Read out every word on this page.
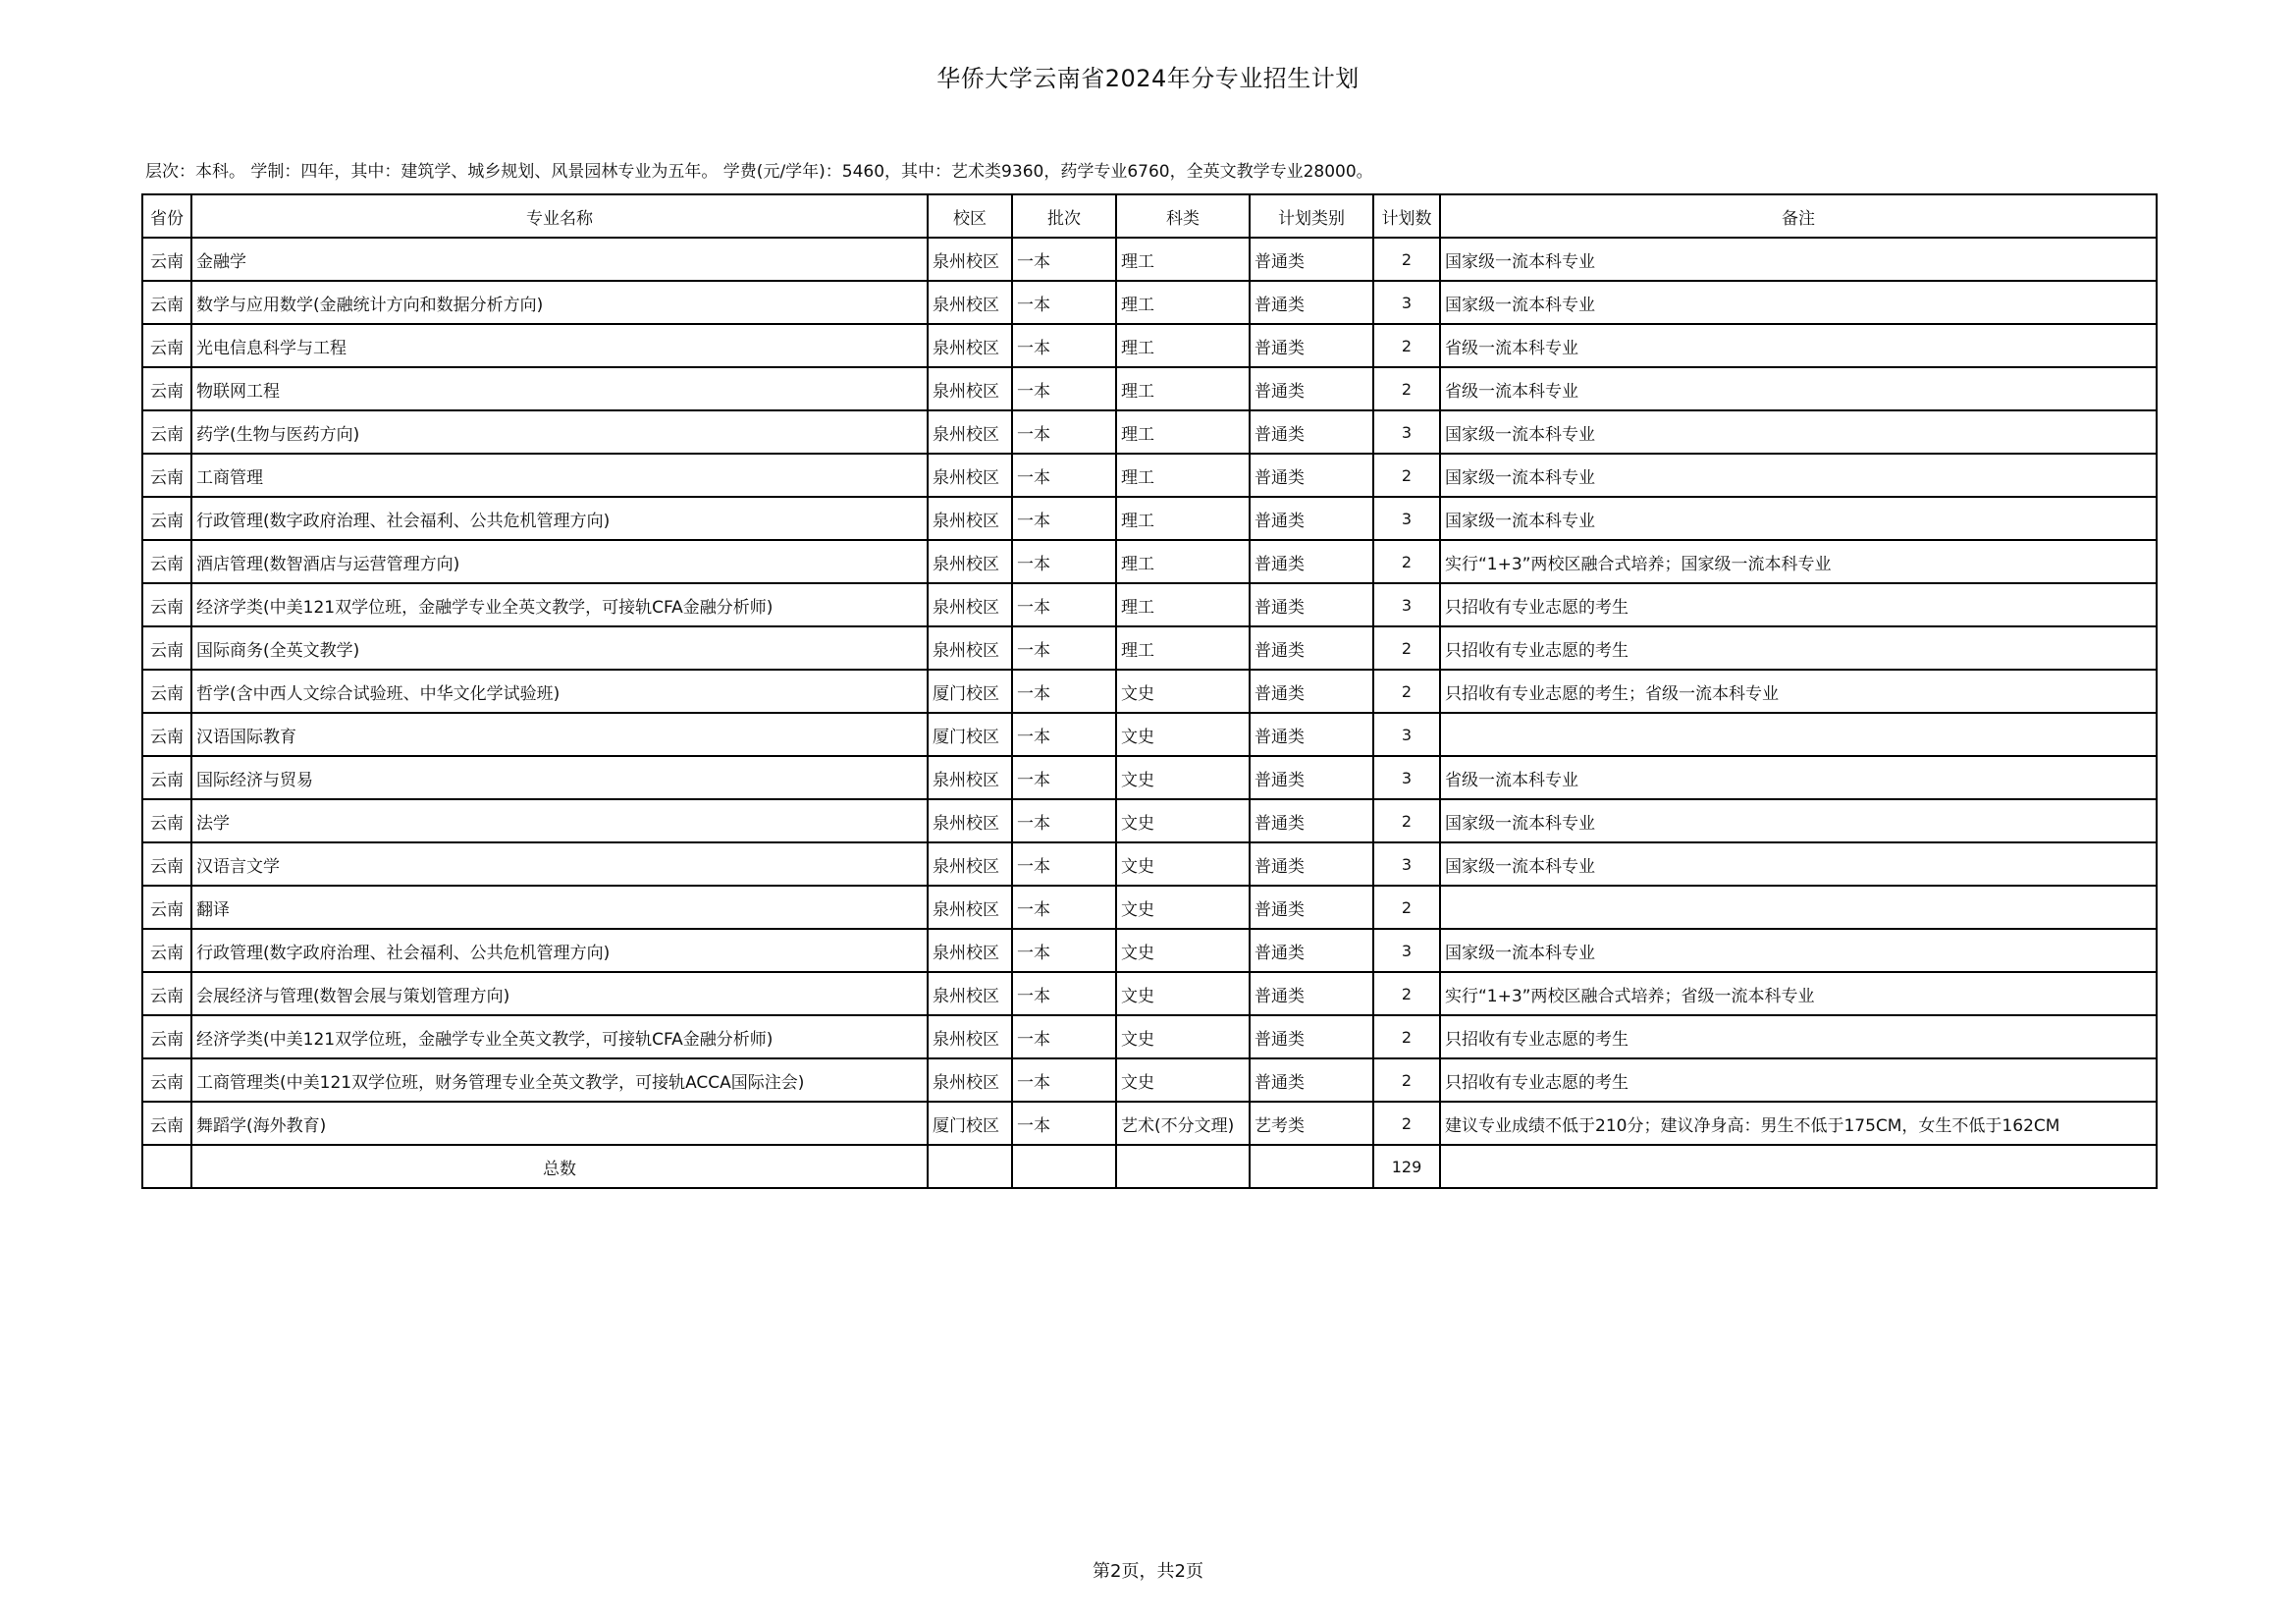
华侨大学云南省2024年分专业招生计划
层次：本科。 学制：四年，其中：建筑学、城乡规划、风景园林专业为五年。 学费(元/学年)：5460，其中：艺术类9360，药学专业6760，全英文教学专业28000。
省份	专业名称	校区	批次	科类	计划类别	计划数	备注
云南	金融学	泉州校区	一本	理工	普通类	2	国家级一流本科专业
云南	数学与应用数学(金融统计方向和数据分析方向)	泉州校区	一本	理工	普通类	3	国家级一流本科专业
云南	光电信息科学与工程	泉州校区	一本	理工	普通类	2	省级一流本科专业
云南	物联网工程	泉州校区	一本	理工	普通类	2	省级一流本科专业
云南	药学(生物与医药方向)	泉州校区	一本	理工	普通类	3	国家级一流本科专业
云南	工商管理	泉州校区	一本	理工	普通类	2	国家级一流本科专业
云南	行政管理(数字政府治理、社会福利、公共危机管理方向)	泉州校区	一本	理工	普通类	3	国家级一流本科专业
云南	酒店管理(数智酒店与运营管理方向)	泉州校区	一本	理工	普通类	2	实行“1+3”两校区融合式培养；国家级一流本科专业
云南	经济学类(中美121双学位班，金融学专业全英文教学，可接轨CFA金融分析师)	泉州校区	一本	理工	普通类	3	只招收有专业志愿的考生
云南	国际商务(全英文教学)	泉州校区	一本	理工	普通类	2	只招收有专业志愿的考生
云南	哲学(含中西人文综合试验班、中华文化学试验班)	厦门校区	一本	文史	普通类	2	只招收有专业志愿的考生；省级一流本科专业
云南	汉语国际教育	厦门校区	一本	文史	普通类	3	
云南	国际经济与贸易	泉州校区	一本	文史	普通类	3	省级一流本科专业
云南	法学	泉州校区	一本	文史	普通类	2	国家级一流本科专业
云南	汉语言文学	泉州校区	一本	文史	普通类	3	国家级一流本科专业
云南	翻译	泉州校区	一本	文史	普通类	2	
云南	行政管理(数字政府治理、社会福利、公共危机管理方向)	泉州校区	一本	文史	普通类	3	国家级一流本科专业
云南	会展经济与管理(数智会展与策划管理方向)	泉州校区	一本	文史	普通类	2	实行“1+3”两校区融合式培养；省级一流本科专业
云南	经济学类(中美121双学位班，金融学专业全英文教学，可接轨CFA金融分析师)	泉州校区	一本	文史	普通类	2	只招收有专业志愿的考生
云南	工商管理类(中美121双学位班，财务管理专业全英文教学，可接轨ACCA国际注会)	泉州校区	一本	文史	普通类	2	只招收有专业志愿的考生
云南	舞蹈学(海外教育)	厦门校区	一本	艺术(不分文理)	艺考类	2	建议专业成绩不低于210分；建议净身高：男生不低于175CM，女生不低于162CM
	总数					129	
第2页，共2页
